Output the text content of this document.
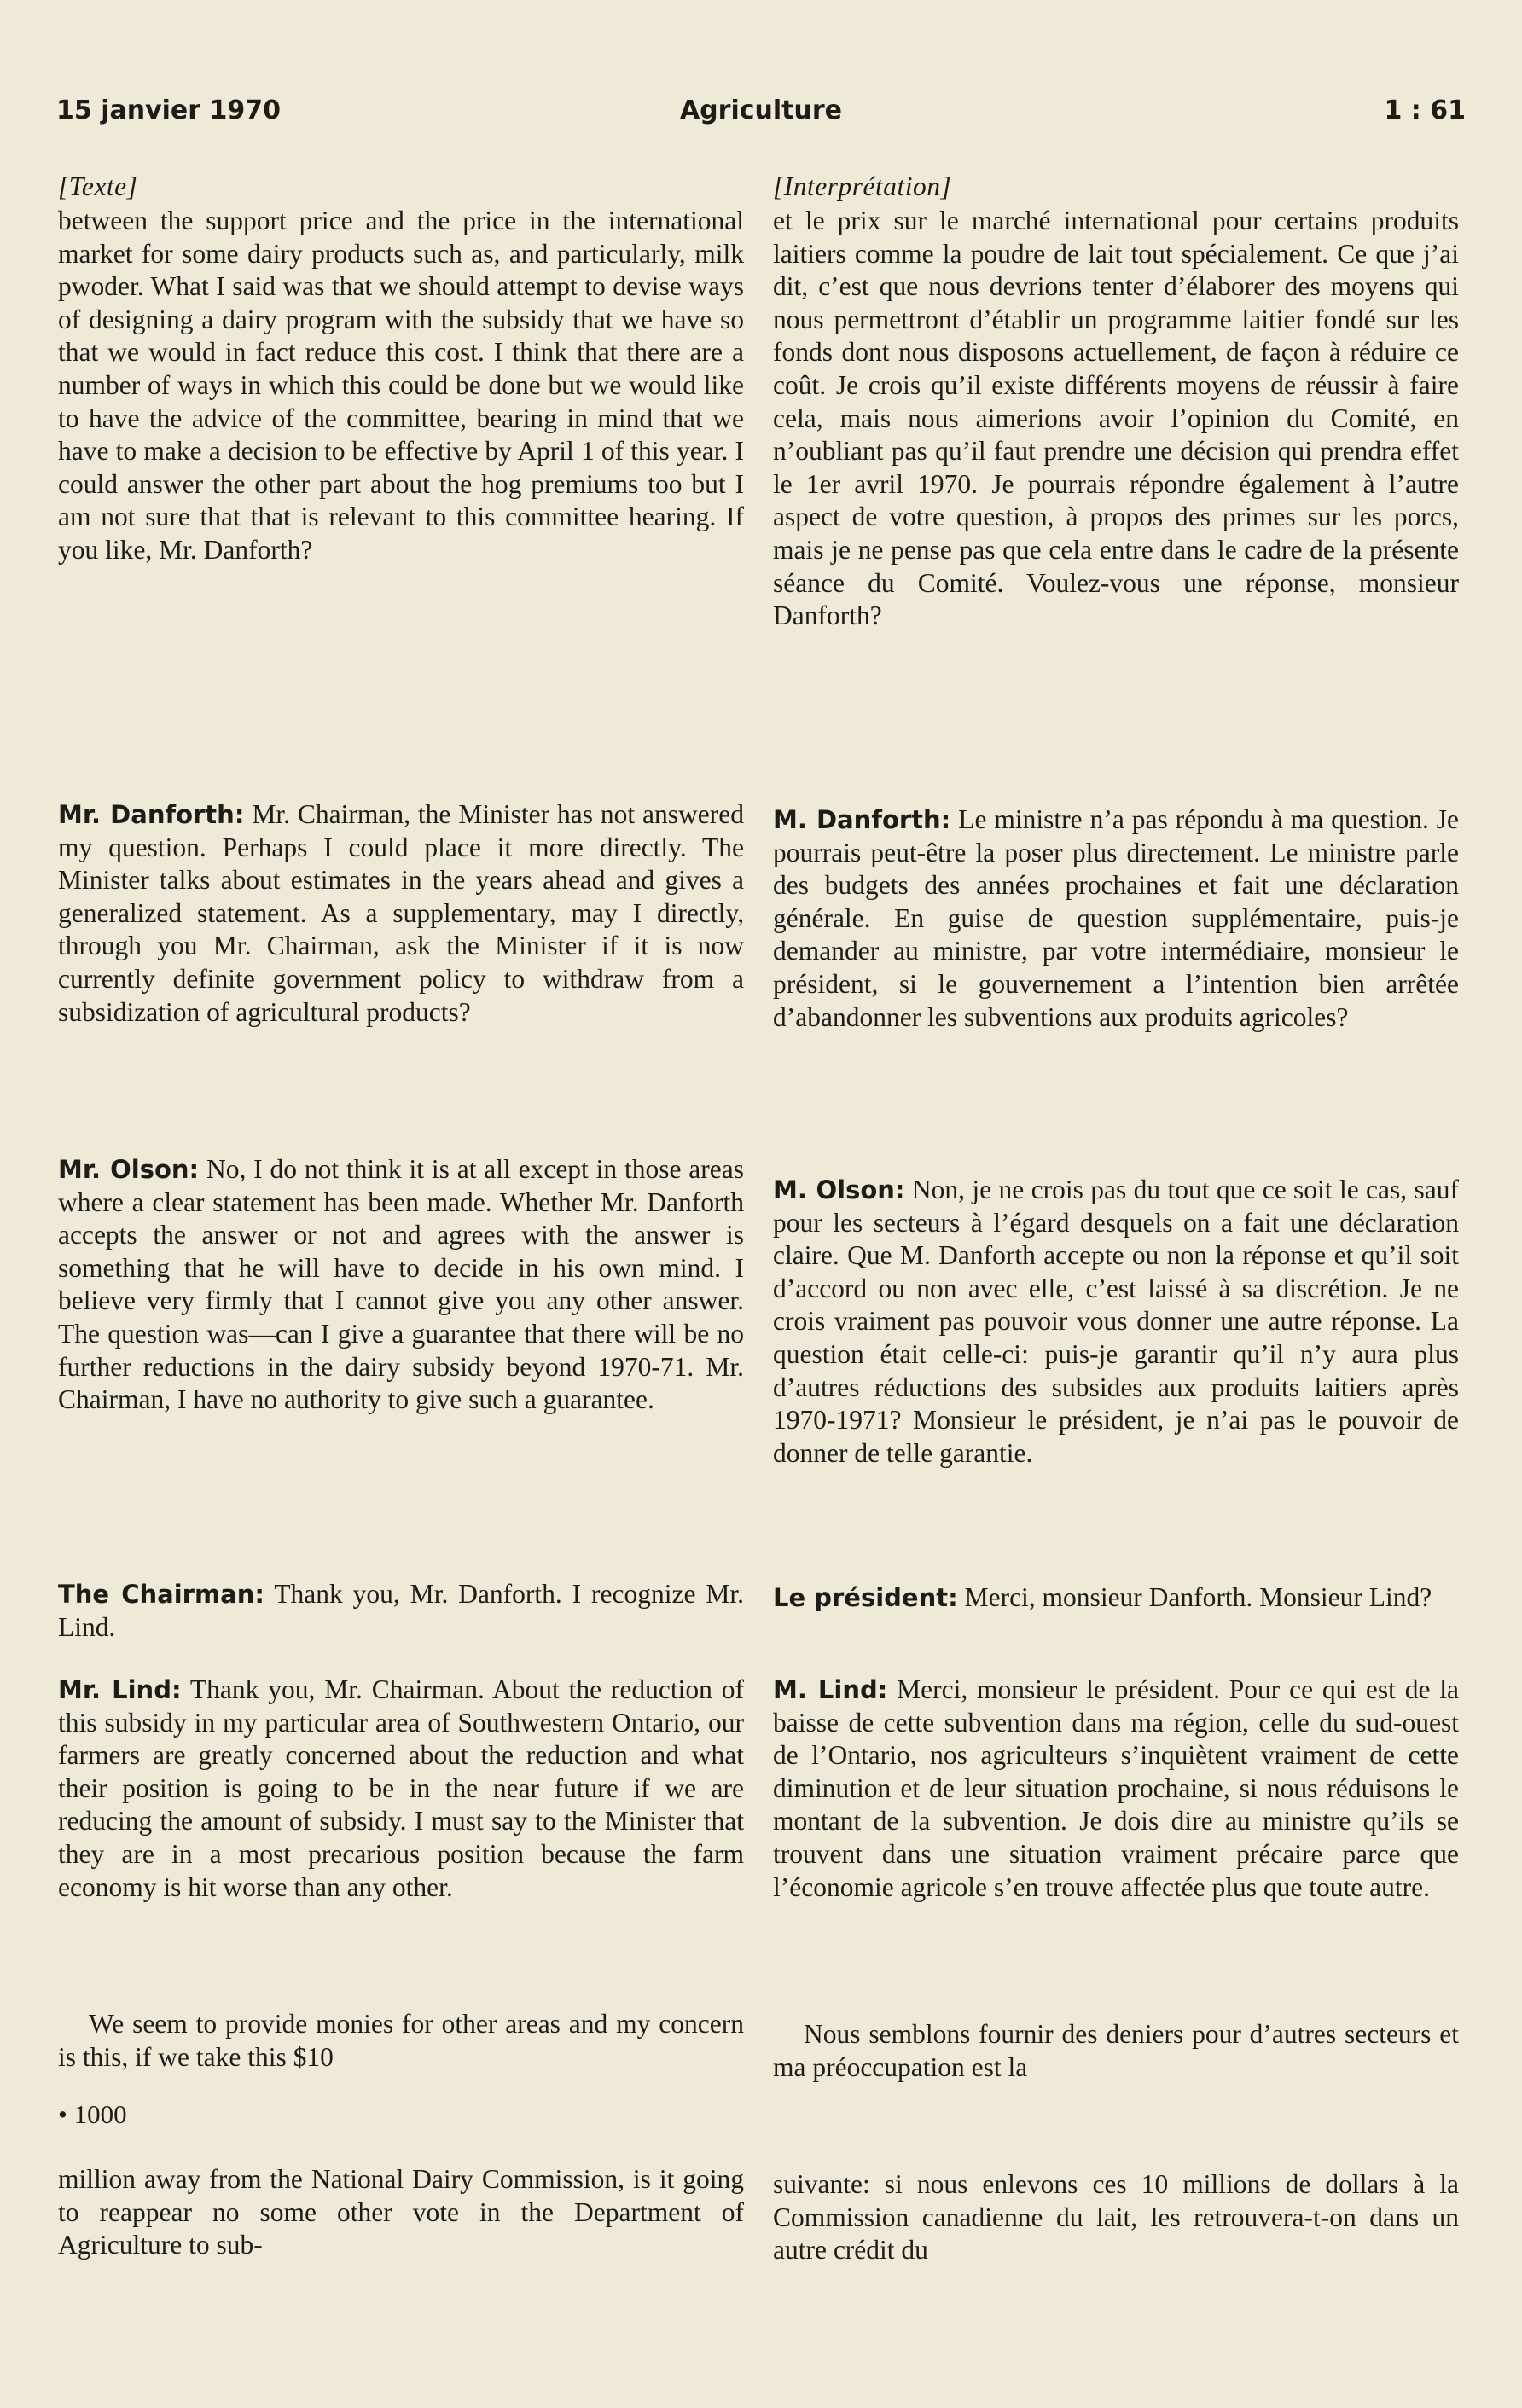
15 janvier 1970	Agriculture	1 : 61
[Texte]

between the support price and the price in the international market for some dairy products such as, and particularly, milk pwoder. What I said was that we should attempt to devise ways of designing a dairy program with the subsidy that we have so that we would in fact reduce this cost. I think that there are a number of ways in which this could be done but we would like to have the advice of the committee, bearing in mind that we have to make a decision to be effective by April 1 of this year. I could answer the other part about the hog premiums too but I am not sure that that is relevant to this committee hearing. If you like, Mr. Danforth?

Mr. Danforth: Mr. Chairman, the Minister has not answered my question. Perhaps I could place it more directly. The Minister talks about estimates in the years ahead and gives a generalized statement. As a supplementary, may I directly, through you Mr. Chairman, ask the Minister if it is now currently definite government policy to withdraw from a subsidization of agricultural products?

Mr. Olson: No, I do not think it is at all except in those areas where a clear statement has been made. Whether Mr. Danforth accepts the answer or not and agrees with the answer is something that he will have to decide in his own mind. I believe very firmly that I cannot give you any other answer. The question was—can I give a guarantee that there will be no further reductions in the dairy subsidy beyond 1970-71. Mr. Chairman, I have no authority to give such a guarantee.

The Chairman: Thank you, Mr. Danforth. I recognize Mr. Lind.

Mr. Lind: Thank you, Mr. Chairman. About the reduction of this subsidy in my particular area of Southwestern Ontario, our farmers are greatly concerned about the reduction and what their position is going to be in the near future if we are reducing the amount of subsidy. I must say to the Minister that they are in a most precarious position because the farm economy is hit worse than any other.

We seem to provide monies for other areas and my concern is this, if we take this $10

• 1000

million away from the National Dairy Commission, is it going to reappear no some other vote in the Department of Agriculture to sub-

[Interprétation]

et le prix sur le marché international pour certains produits laitiers comme la poudre de lait tout spécialement. Ce que j’ai dit, c’est que nous devrions tenter d’élaborer des moyens qui nous permettront d’établir un programme laitier fondé sur les fonds dont nous disposons actuellement, de façon à réduire ce coût. Je crois qu’il existe différents moyens de réussir à faire cela, mais nous aimerions avoir l’opinion du Comité, en n’oubliant pas qu’il faut prendre une décision qui prendra effet le 1er avril 1970. Je pourrais répondre également à l’autre aspect de votre question, à propos des primes sur les porcs, mais je ne pense pas que cela entre dans le cadre de la présente séance du Comité. Voulez-vous une réponse, monsieur Danforth?

M. Danforth: Le ministre n’a pas répondu à ma question. Je pourrais peut-être la poser plus directement. Le ministre parle des budgets des années prochaines et fait une déclaration générale. En guise de question supplémentaire, puis-je demander au ministre, par votre intermédiaire, monsieur le président, si le gouvernement a l’intention bien arrêtée d’abandonner les subventions aux produits agricoles?

M. Olson: Non, je ne crois pas du tout que ce soit le cas, sauf pour les secteurs à l’égard desquels on a fait une déclaration claire. Que M. Danforth accepte ou non la réponse et qu’il soit d’accord ou non avec elle, c’est laissé à sa discrétion. Je ne crois vraiment pas pouvoir vous donner une autre réponse. La question était celle-ci: puis-je garantir qu’il n’y aura plus d’autres réductions des subsides aux produits laitiers après 1970-1971? Monsieur le président, je n’ai pas le pouvoir de donner de telle garantie.

Le président: Merci, monsieur Danforth. Monsieur Lind?

M. Lind: Merci, monsieur le président. Pour ce qui est de la baisse de cette subvention dans ma région, celle du sud-ouest de l’Ontario, nos agriculteurs s’inquiètent vraiment de cette diminution et de leur situation prochaine, si nous réduisons le montant de la subvention. Je dois dire au ministre qu’ils se trouvent dans une situation vraiment précaire parce que l’économie agricole s’en trouve affectée plus que toute autre.

Nous semblons fournir des deniers pour d’autres secteurs et ma préoccupation est la

suivante: si nous enlevons ces 10 millions de dollars à la Commission canadienne du lait, les retrouvera-t-on dans un autre crédit du
